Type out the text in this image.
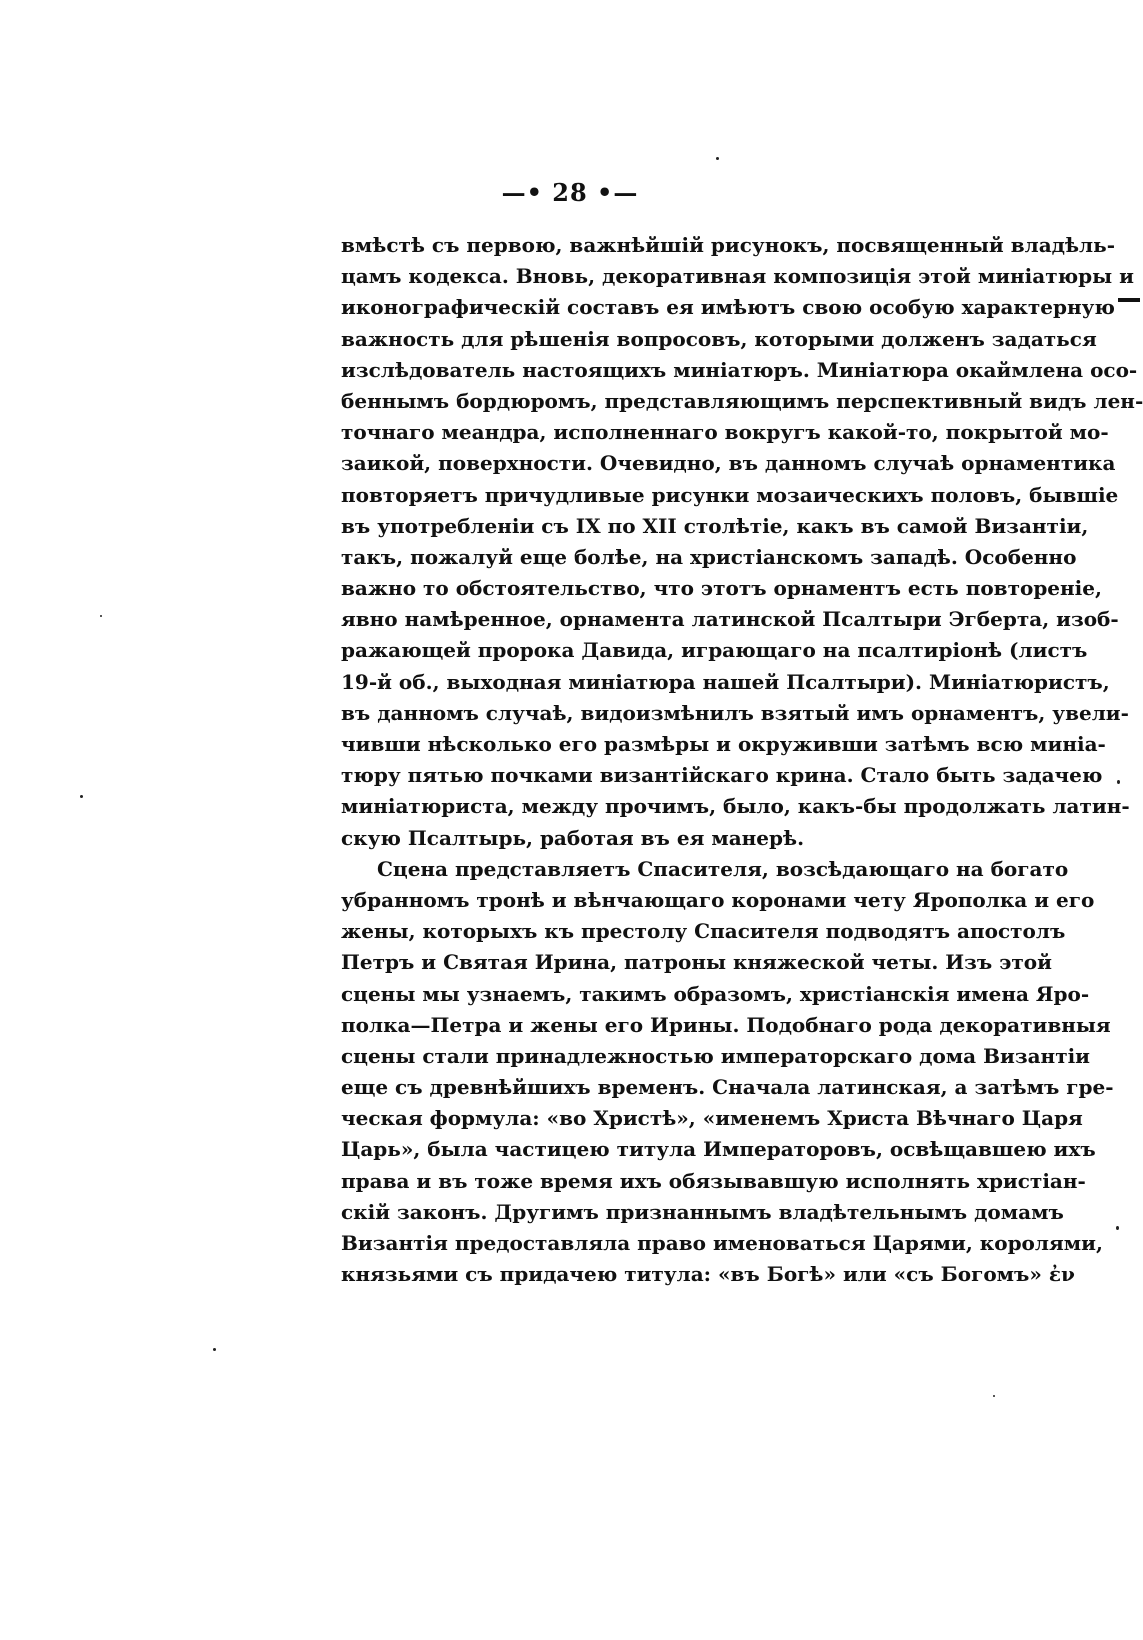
—• 28 •—
вмѣстѣ съ первою, важнѣйшій рисунокъ, посвященный владѣль-
цамъ кодекса. Вновь, декоративная композиція этой миніатюры и
иконографическій составъ ея имѣютъ свою особую характерную
важность для рѣшенія вопросовъ, которыми долженъ задаться
изслѣдователь настоящихъ миніатюръ. Миніатюра окаймлена осо-
беннымъ бордюромъ, представляющимъ перспективный видъ лен-
точнаго меандра, исполненнаго вокругъ какой-то, покрытой мо-
заикой, поверхности. Очевидно, въ данномъ случаѣ орнаментика
повторяетъ причудливые рисунки мозаическихъ половъ, бывшіе
въ употребленіи съ IX по XII столѣтіе, какъ въ самой Византіи,
такъ, пожалуй еще болѣе, на христіанскомъ западѣ. Особенно
важно то обстоятельство, что этотъ орнаментъ есть повтореніе,
явно намѣренное, орнамента латинской Псалтыри Эгберта, изоб-
ражающей пророка Давида, играющаго на псалтиріонѣ (листъ
19-й об., выходная миніатюра нашей Псалтыри). Миніатюристъ,
въ данномъ случаѣ, видоизмѣнилъ взятый имъ орнаментъ, увели-
чивши нѣсколько его размѣры и окруживши затѣмъ всю миніа-
тюру пятью почками византійскаго крина. Стало быть задачею
миніатюриста, между прочимъ, было, какъ-бы продолжать латин-
скую Псалтырь, работая въ ея манерѣ.
Сцена представляетъ Спасителя, возсѣдающаго на богато
убранномъ тронѣ и вѣнчающаго коронами чету Ярополка и его
жены, которыхъ къ престолу Спасителя подводятъ апостолъ
Петръ и Святая Ирина, патроны княжеской четы. Изъ этой
сцены мы узнаемъ, такимъ образомъ, христіанскія имена Яро-
полка—Петра и жены его Ирины. Подобнаго рода декоративныя
сцены стали принадлежностью императорскаго дома Византіи
еще съ древнѣйшихъ временъ. Сначала латинская, а затѣмъ гре-
ческая формула: «во Христѣ», «именемъ Христа Вѣчнаго Царя
Царь», была частицею титула Императоровъ, освѣщавшею ихъ
права и въ тоже время ихъ обязывавшую исполнять христіан-
скій законъ. Другимъ признаннымъ владѣтельнымъ домамъ
Византія предоставляла право именоваться Царями, королями,
князьями съ придачею титула: «въ Богѣ» или «съ Богомъ» ἐν
